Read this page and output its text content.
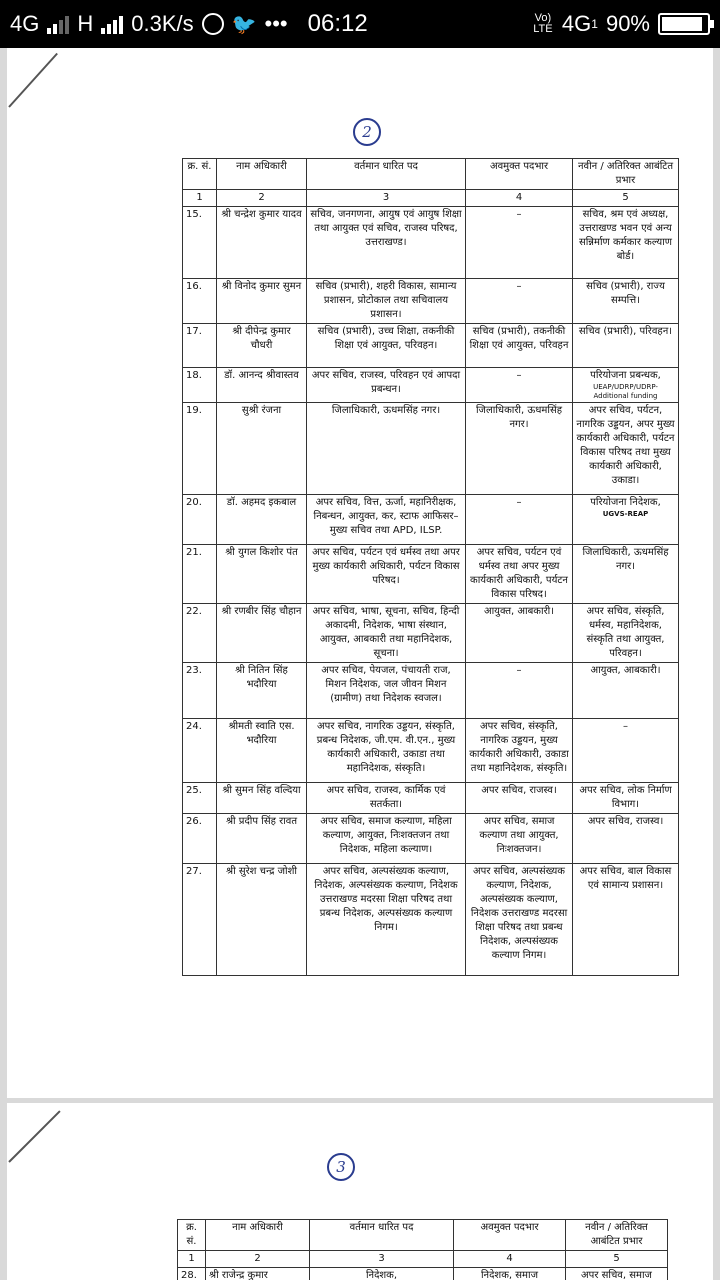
4G H 0.3K/s 🐦 ••• 06:12	Vo) LTE 4G 1 90%
2
क्र. सं.	नाम अधिकारी	वर्तमान धारित पद	अवमुक्त पदभार	नवीन / अतिरिक्त आबंटित प्रभार
1	2	3	4	5
15.	श्री चन्द्रेश कुमार यादव	सचिव, जनगणना, आयुष एवं आयुष शिक्षा तथा आयुक्त एवं सचिव, राजस्व परिषद, उत्तराखण्ड।	–	सचिव, श्रम एवं अध्यक्ष, उत्तराखण्ड भवन एवं अन्य सन्निर्माण कर्मकार कल्याण बोर्ड।
16.	श्री विनोद कुमार सुमन	सचिव (प्रभारी), शहरी विकास, सामान्य प्रशासन, प्रोटोकाल तथा सचिवालय प्रशासन।	–	सचिव (प्रभारी), राज्य सम्पत्ति।
17.	श्री दीपेन्द्र कुमार चौधरी	सचिव (प्रभारी), उच्च शिक्षा, तकनीकी शिक्षा एवं आयुक्त, परिवहन।	सचिव (प्रभारी), तकनीकी शिक्षा एवं आयुक्त, परिवहन	सचिव (प्रभारी), परिवहन।
18.	डॉ. आनन्द श्रीवास्तव	अपर सचिव, राजस्व, परिवहन एवं आपदा प्रबन्धन।	–	परियोजना प्रबन्धक,
UEAP/UDRP/UDRP-Additional funding

19.	सुश्री रंजना	जिलाधिकारी, ऊधमसिंह नगर।	जिलाधिकारी, ऊधमसिंह नगर।	अपर सचिव, पर्यटन, नागरिक उड्डयन, अपर मुख्य कार्यकारी अधिकारी, पर्यटन विकास परिषद तथा मुख्य कार्यकारी अधिकारी, उकाडा।
20.	डॉ. अहमद इकबाल	अपर सचिव, वित्त, ऊर्जा, महानिरीक्षक, निबन्धन, आयुक्त, कर, स्टाफ आफिसर–मुख्य सचिव तथा APD, ILSP.	–	परियोजना निदेशक,
UGVS-REAP

21.	श्री युगल किशोर पंत	अपर सचिव, पर्यटन एवं धर्मस्व तथा अपर मुख्य कार्यकारी अधिकारी, पर्यटन विकास परिषद।	अपर सचिव, पर्यटन एवं धर्मस्व तथा अपर मुख्य कार्यकारी अधिकारी, पर्यटन विकास परिषद।	जिलाधिकारी, ऊधमसिंह नगर।
22.	श्री रणबीर सिंह चौहान	अपर सचिव, भाषा, सूचना, सचिव, हिन्दी अकादमी, निदेशक, भाषा संस्थान, आयुक्त, आबकारी तथा महानिदेशक, सूचना।	आयुक्त, आबकारी।	अपर सचिव, संस्कृति, धर्मस्व, महानिदेशक, संस्कृति तथा आयुक्त, परिवहन।
23.	श्री नितिन सिंह भदौरिया	अपर सचिव, पेयजल, पंचायती राज, मिशन निदेशक, जल जीवन मिशन (ग्रामीण) तथा निदेशक स्वजल।	–	आयुक्त, आबकारी।
24.	श्रीमती स्वाति एस. भदौरिया	अपर सचिव, नागरिक उड्डयन, संस्कृति, प्रबन्ध निदेशक, जी.एम. वी.एन., मुख्य कार्यकारी अधिकारी, उकाडा तथा महानिदेशक, संस्कृति।	अपर सचिव, संस्कृति, नागरिक उड्डयन, मुख्य कार्यकारी अधिकारी, उकाडा तथा महानिदेशक, संस्कृति।	–
25.	श्री सुमन सिंह वल्दिया	अपर सचिव, राजस्व, कार्मिक एवं सतर्कता।	अपर सचिव, राजस्व।	अपर सचिव, लोक निर्माण विभाग।
26.	श्री प्रदीप सिंह रावत	अपर सचिव, समाज कल्याण, महिला कल्याण, आयुक्त, निःशक्तजन तथा निदेशक, महिला कल्याण।	अपर सचिव, समाज कल्याण तथा आयुक्त, निःशक्तजन।	अपर सचिव, राजस्व।
27.	श्री सुरेश चन्द्र जोशी	अपर सचिव, अल्पसंख्यक कल्याण, निदेशक, अल्पसंख्यक कल्याण, निदेशक उत्तराखण्ड मदरसा शिक्षा परिषद तथा प्रबन्ध निदेशक, अल्पसंख्यक कल्याण निगम।	अपर सचिव, अल्पसंख्यक कल्याण, निदेशक, अल्पसंख्यक कल्याण, निदेशक उत्तराखण्ड मदरसा शिक्षा परिषद तथा प्रबन्ध निदेशक, अल्पसंख्यक कल्याण निगम।	अपर सचिव, बाल विकास एवं सामान्य प्रशासन।
3
क्र. सं.	नाम अधिकारी	वर्तमान धारित पद	अवमुक्त पदभार	नवीन / अतिरिक्त आबंटित प्रभार
1	2	3	4	5
28.	श्री राजेन्द्र कुमार	निदेशक,	निदेशक, समाज	अपर सचिव, समाज
